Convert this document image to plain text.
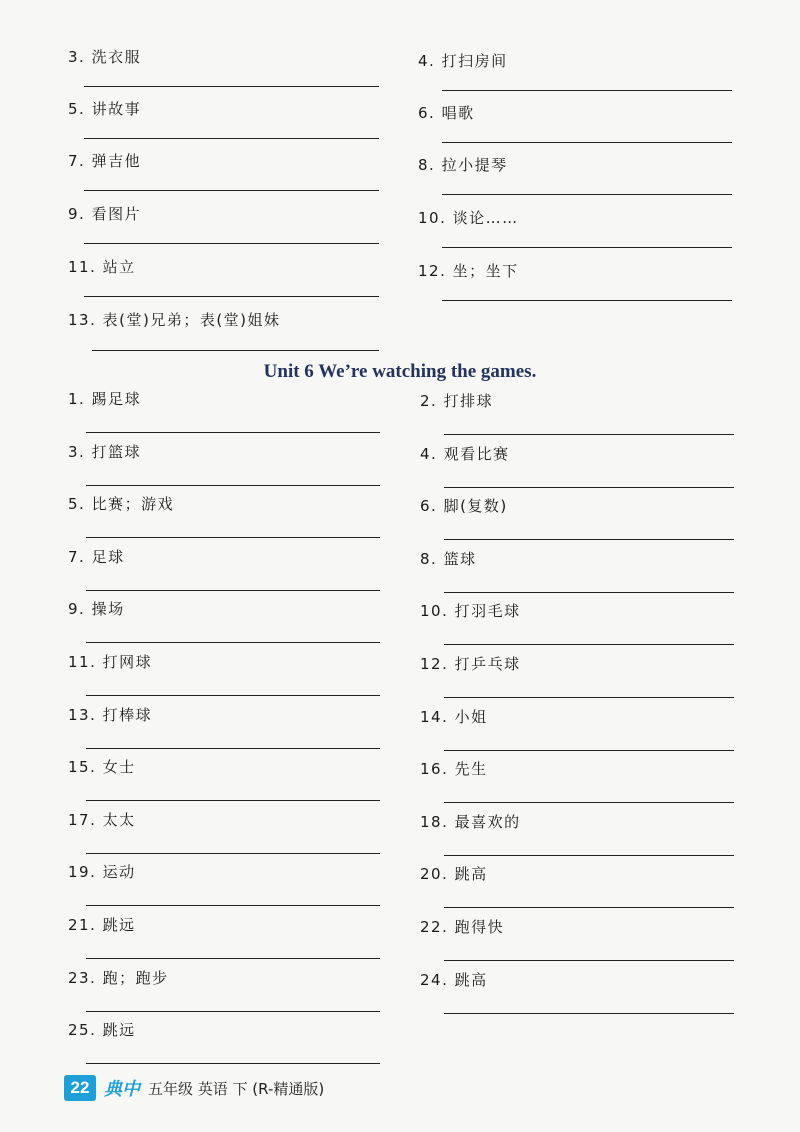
3. 洗衣服	4. 打扫房间
5. 讲故事	6. 唱歌
7. 弹吉他	8. 拉小提琴
9. 看图片	10. 谈论……
11. 站立	12. 坐；坐下
13. 表(堂)兄弟；表(堂)姐妹
1. 踢足球	2. 打排球
3. 打篮球	4. 观看比赛
5. 比赛；游戏	6. 脚(复数)
7. 足球	8. 篮球
9. 操场	10. 打羽毛球
11. 打网球	12. 打乒乓球
13. 打棒球	14. 小姐
15. 女士	16. 先生
17. 太太	18. 最喜欢的
19. 运动	20. 跳高
21. 跳远	22. 跑得快
23. 跑；跑步	24. 跳高
25. 跳远
Unit 6 We’re watching the games.
22 典中 五年级 英语 下 (R-精通版)
